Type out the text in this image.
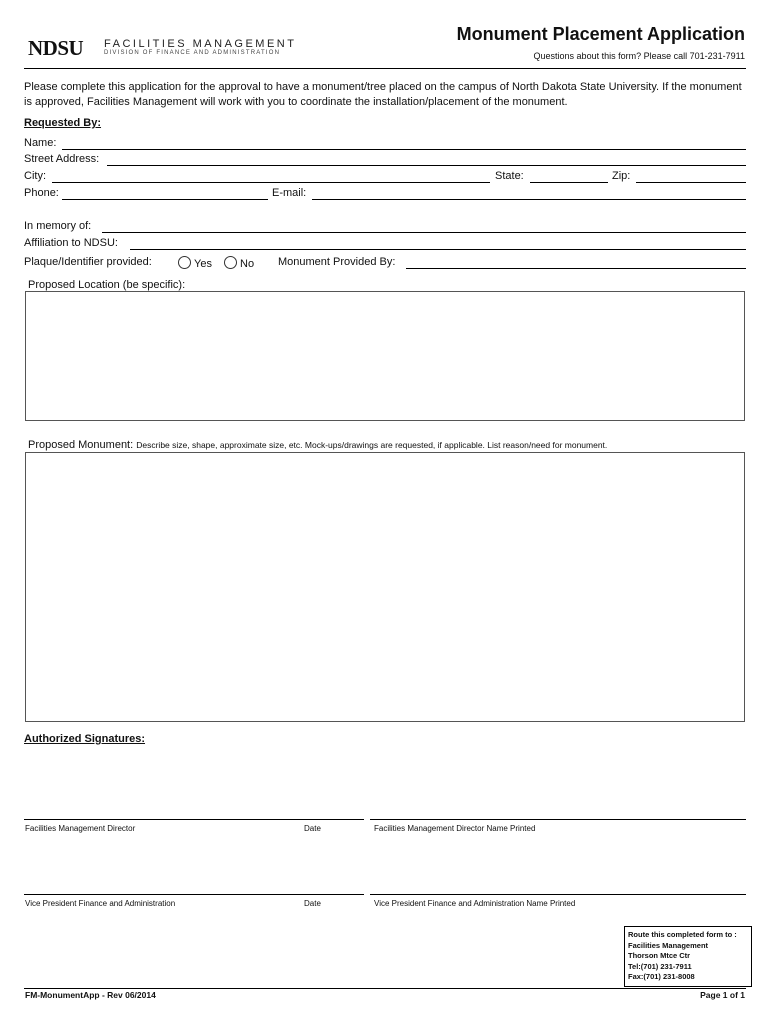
NDSU FACILITIES MANAGEMENT
DIVISION OF FINANCE AND ADMINISTRATION
Monument Placement Application
Questions about this form? Please call 701-231-7911
Please complete this application for the approval to have a monument/tree placed on the campus of North Dakota State University. If the monument is approved, Facilities Management will work with you to coordinate the installation/placement of the monument.
Requested By:
Name:
Street Address:
City:	State:	Zip:
Phone:	E-mail:
In memory of:
Affiliation to NDSU:
Plaque/Identifier provided:	Yes	No Monument Provided By:
Proposed Location (be specific):
Proposed Monument: Describe size, shape, approximate size, etc. Mock-ups/drawings are requested, if applicable. List reason/need for monument.
Authorized Signatures:
Facilities Management Director	Date	Facilities Management Director Name Printed
Vice President Finance and Administration	Date	Vice President Finance and Administration Name Printed
Route this completed form to :
Facilities Management
Thorson Mtce Ctr
Tel:(701) 231-7911
Fax:(701) 231-8008
FM-MonumentApp - Rev 06/2014	Page 1 of 1
